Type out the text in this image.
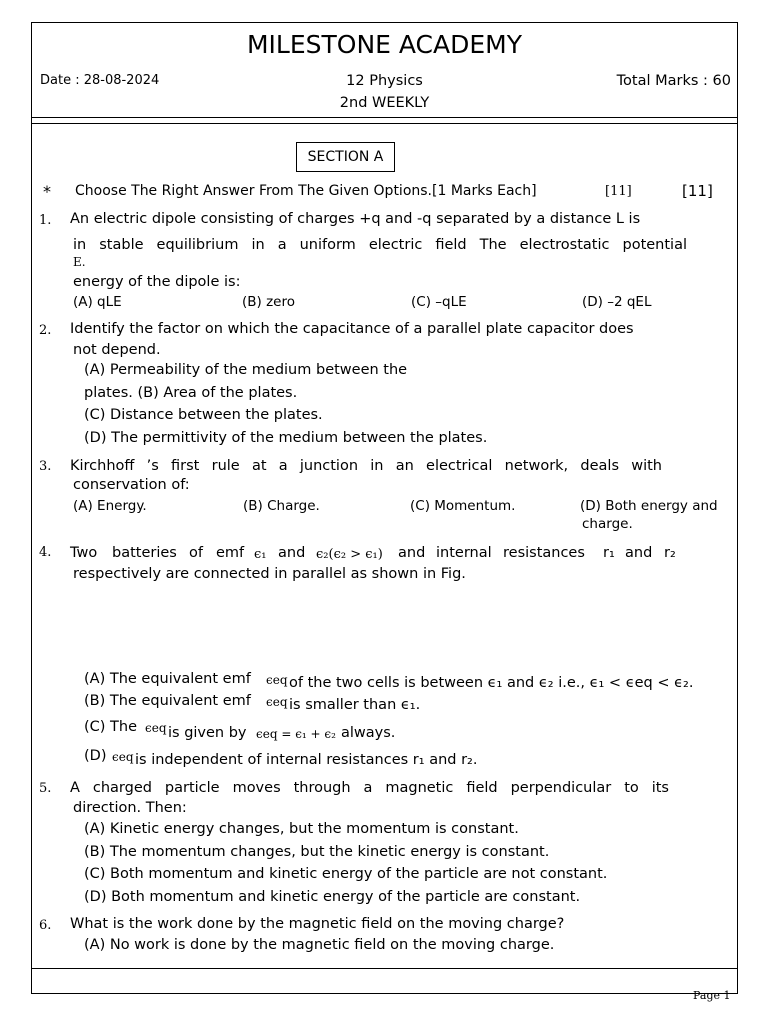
MILESTONE ACADEMY
Date : 28-08-2024	12 Physics
2nd WEEKLY
Total Marks : 60
SECTION A
* Choose The Right Answer From The Given Options.[1 Marks Each]	[11]	[11]
1. An electric dipole consisting of charges +q and -q separated by a distance L is
in stable equilibrium in a uniform electric field The electrostatic potential
E.
energy of the dipole is:
(A) qLE	(B) zero	(C) –qLE	(D) –2 qEL
2. Identify the factor on which the capacitance of a parallel plate capacitor does
not depend.
(A) Permeability of the medium between the
plates. (B) Area of the plates.
(C) Distance between the plates.
(D) The permittivity of the medium between the plates.
3. Kirchhoff ’s first rule at a junction in an electrical network, deals with
conservation of:
(A) Energy.	(B) Charge.	(C) Momentum.	(D) Both energy and
charge.
4. Two batteries of emf ϵ₁ and ϵ₂(ϵ₂ > ϵ₁) and internal resistances r₁ and r₂
respectively are connected in parallel as shown in Fig.
(A) The equivalent emf ϵeq of the two cells is between ϵ₁ and ϵ₂ i.e., ϵ₁ < ϵeq < ϵ₂.
(B) The equivalent emf ϵeq is smaller than ϵ₁.
(C) The ϵeq is given by ϵeq = ϵ₁ + ϵ₂ always.
(D) ϵeq is independent of internal resistances r₁ and r₂.
5. A charged particle moves through a magnetic field perpendicular to its
direction. Then:
(A) Kinetic energy changes, but the momentum is constant.
(B) The momentum changes, but the kinetic energy is constant.
(C) Both momentum and kinetic energy of the particle are not constant.
(D) Both momentum and kinetic energy of the particle are constant.
6. What is the work done by the magnetic field on the moving charge?
(A) No work is done by the magnetic field on the moving charge.
Page 1
